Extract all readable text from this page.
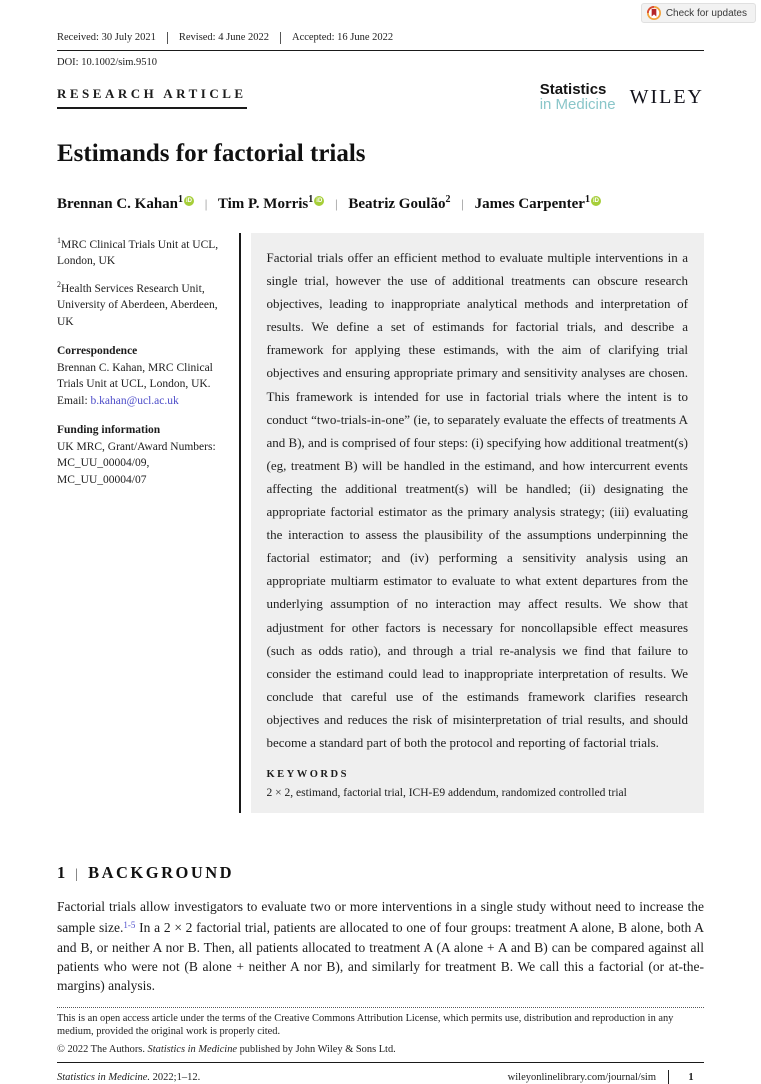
Check for updates
Received: 30 July 2021	Revised: 4 June 2022	Accepted: 16 June 2022
DOI: 10.1002/sim.9510
RESEARCH ARTICLE	Statistics
in Medicine WILEY
Estimands for factorial trials
Brennan C. Kahan$^1$ iD | Tim P. Morris$^1$ iD | Beatriz Goulão$^2$ | James Carpenter$^1$ iD
$^1$MRC Clinical Trials Unit at UCL, London, UK
$^2$Health Services Research Unit, University of Aberdeen, Aberdeen, UK
Correspondence
Brennan C. Kahan, MRC Clinical Trials Unit at UCL, London, UK.
Email: b.kahan@ucl.ac.uk
Funding information
UK MRC, Grant/Award Numbers: MC_UU_00004/09, MC_UU_00004/07
Factorial trials offer an efficient method to evaluate multiple interventions in a single trial, however the use of additional treatments can obscure research objectives, leading to inappropriate analytical methods and interpretation of results. We define a set of estimands for factorial trials, and describe a framework for applying these estimands, with the aim of clarifying trial objectives and ensuring appropriate primary and sensitivity analyses are chosen. This framework is intended for use in factorial trials where the intent is to conduct “two-trials-in-one” (ie, to separately evaluate the effects of treatments A and B), and is comprised of four steps: (i) specifying how additional treatment(s) (eg, treatment B) will be handled in the estimand, and how intercurrent events affecting the additional treatment(s) will be handled; (ii) designating the appropriate factorial estimator as the primary analysis strategy; (iii) evaluating the interaction to assess the plausibility of the assumptions underpinning the factorial estimator; and (iv) performing a sensitivity analysis using an appropriate multiarm estimator to evaluate to what extent departures from the underlying assumption of no interaction may affect results. We show that adjustment for other factors is necessary for noncollapsible effect measures (such as odds ratio), and through a trial re-analysis we find that failure to consider the estimand could lead to inappropriate interpretation of results. We conclude that careful use of the estimands framework clarifies research objectives and reduces the risk of misinterpretation of trial results, and should become a standard part of both the protocol and reporting of factorial trials.
KEYWORDS
2 × 2, estimand, factorial trial, ICH-E9 addendum, randomized controlled trial
1 | BACKGROUND

Factorial trials allow investigators to evaluate two or more interventions in a single study without need to increase the sample size.$^{1-5}$ In a 2 × 2 factorial trial, patients are allocated to one of four groups: treatment A alone, B alone, both A and B, or neither A nor B. Then, all patients allocated to treatment A (A alone + A and B) can be compared against all patients who were not (B alone + neither A nor B), and similarly for treatment B. We call this a factorial (or at-the-margins) analysis.

This is an open access article under the terms of the Creative Commons Attribution License, which permits use, distribution and reproduction in any medium, provided the original work is properly cited.
© 2022 The Authors. Statistics in Medicine published by John Wiley & Sons Ltd.
Statistics in Medicine. 2022;1–12.	wileyonlinelibrary.com/journal/sim	1
